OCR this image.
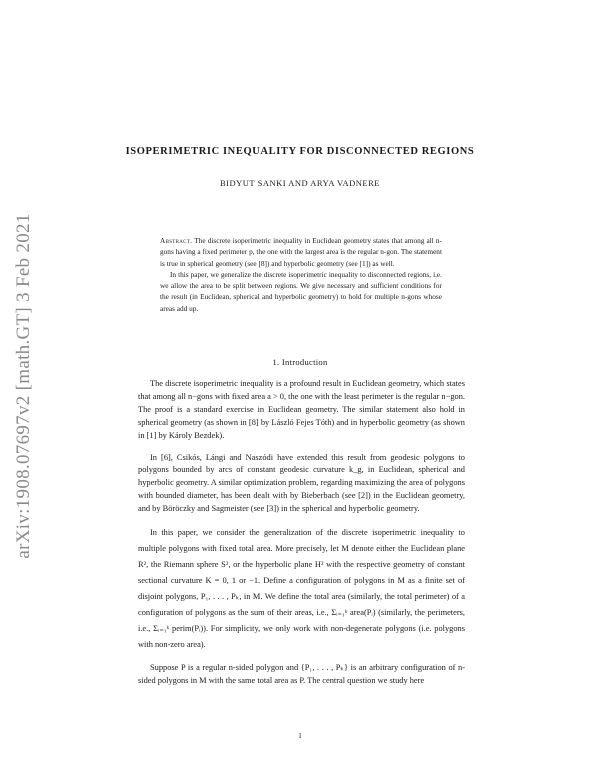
arXiv:1908.07697v2 [math.GT] 3 Feb 2021
ISOPERIMETRIC INEQUALITY FOR DISCONNECTED REGIONS
BIDYUT SANKI AND ARYA VADNERE

Abstract. The discrete isoperimetric inequality in Euclidean geometry states that among all n-gons having a fixed perimeter p, the one with the largest area is the regular n-gon. The statement is true in spherical geometry (see [8]) and hyperbolic geometry (see [1]) as well.

In this paper, we generalize the discrete isoperimetric inequality to disconnected regions, i.e. we allow the area to be split between regions. We give necessary and sufficient conditions for the result (in Euclidean, spherical and hyperbolic geometry) to hold for multiple n-gons whose areas add up.

1. Introduction

The discrete isoperimetric inequality is a profound result in Euclidean geometry, which states that among all n−gons with fixed area a > 0, the one with the least perimeter is the regular n−gon. The proof is a standard exercise in Euclidean geometry. The similar statement also hold in spherical geometry (as shown in [8] by László Fejes Tóth) and in hyperbolic geometry (as shown in [1] by Károly Bezdek).

In [6], Csikós, Lángi and Naszódi have extended this result from geodesic polygons to polygons bounded by arcs of constant geodesic curvature k_g, in Euclidean, spherical and hyperbolic geometry. A similar optimization problem, regarding maximizing the area of polygons with bounded diameter, has been dealt with by Bieberbach (see [2]) in the Euclidean geometry, and by Böröczky and Sagmeister (see [3]) in the spherical and hyperbolic geometry.

In this paper, we consider the generalization of the discrete isoperimetric inequality to multiple polygons with fixed total area. More precisely, let M denote either the Euclidean plane R², the Riemann sphere S², or the hyperbolic plane H² with the respective geometry of constant sectional curvature K = 0, 1 or −1. Define a configuration of polygons in M as a finite set of disjoint polygons, P₁, . . . , Pₖ, in M. We define the total area (similarly, the total perimeter) of a configuration of polygons as the sum of their areas, i.e., Σᵢ₌₁ᵏ area(Pᵢ) (similarly, the perimeters, i.e., Σᵢ₌₁ᵏ perim(Pᵢ)). For simplicity, we only work with non-degenerate polygons (i.e. polygons with non-zero area).

Suppose P is a regular n-sided polygon and {P₁, . . . , Pₖ} is an arbitrary configuration of n-sided polygons in M with the same total area as P. The central question we study here

1
